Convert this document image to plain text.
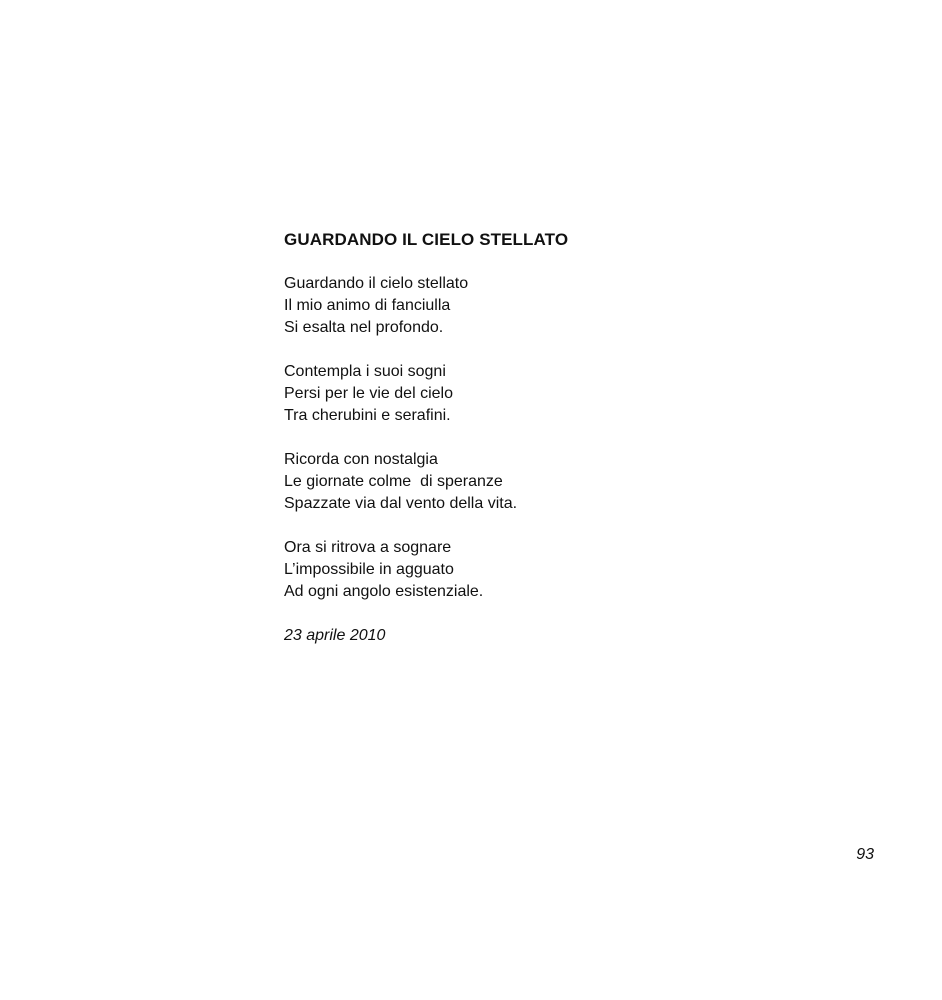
GUARDANDO IL CIELO STELLATO
Guardando il cielo stellato
Il mio animo di fanciulla
Si esalta nel profondo.
Contempla i suoi sogni
Persi per le vie del cielo
Tra cherubini e serafini.
Ricorda con nostalgia
Le giornate colme  di speranze
Spazzate via dal vento della vita.
Ora si ritrova a sognare
L’impossibile in agguato
Ad ogni angolo esistenziale.
23 aprile 2010
93
